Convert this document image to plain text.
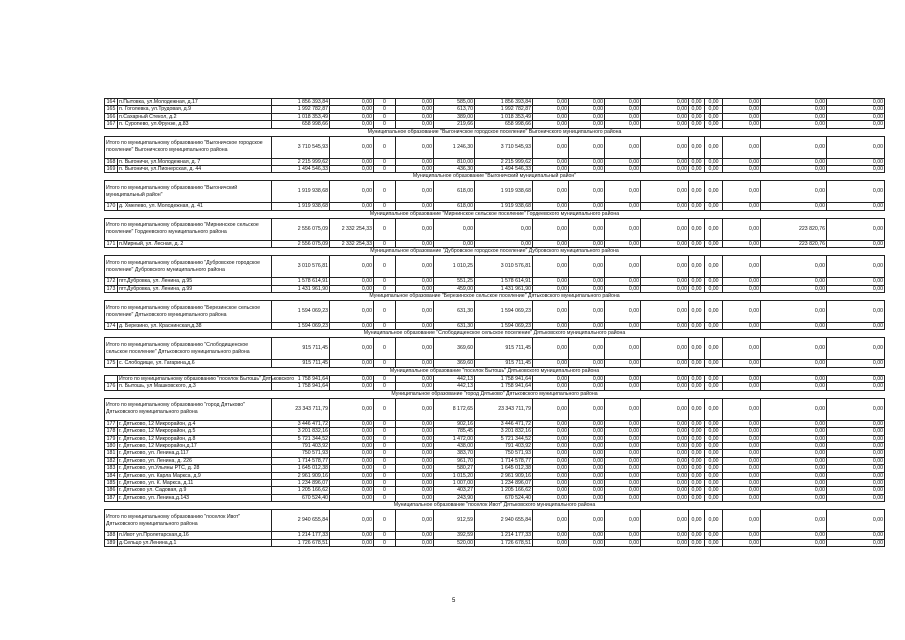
164	п.Пытовка, ул.Молодежная, д.17	1 856 393,84	0,00	0	0,00	585,00	1 856 393,84	0,00	0,00	0,00	0,00	0,00	0,00	0,00	0,00	0,00
165	п. Гоголевка, ул.Трудовая, д.9	1 992 782,87	0,00	0	0,00	613,70	1 992 782,87	0,00	0,00	0,00	0,00	0,00	0,00	0,00	0,00	0,00
166	п.Сахарный Стекол, д.2	1 018 353,49	0,00	0	0,00	389,00	1 018 353,49	0,00	0,00	0,00	0,00	0,00	0,00	0,00	0,00	0,00
167	п. Суponево, ул.Фрунзе, д.83	658 998,66	0,00	0	0,00	219,66	658 998,66	0,00	0,00	0,00	0,00	0,00	0,00	0,00	0,00	0,00
Муниципальное образование "Выгоничское городское поселение" Выгоничского муниципального района																
Итого по муниципальному образованию "Выгоничское городское поселение" Выгоничского муниципального района		3 710 545,93	0,00	0	0,00	1 246,30	3 710 545,93	0,00	0,00	0,00	0,00	0,00	0,00	0,00	0,00	0,00
168	п. Выгоничи, ул.Молодежная, д. 7	2 215 999,62	0,00	0	0,00	810,00	2 215 999,62	0,00	0,00	0,00	0,00	0,00	0,00	0,00	0,00	0,00
169	п. Выгоничи, ул.Пионерская, д. 44	1 494 546,33	0,00	0	0,00	436,30	1 494 546,33	0,00	0,00	0,00	0,00	0,00	0,00	0,00	0,00	0,00
Муниципальное образование "Выгоничский муниципальный район"																
Итого по муниципальному образованию "Выгоничский муниципальный район"		1 919 938,68	0,00	0	0,00	618,00	1 919 938,68	0,00	0,00	0,00	0,00	0,00	0,00	0,00	0,00	0,00
170	д. Хмелево, ул. Молодежная, д. 41	1 919 938,68	0,00	0	0,00	618,00	1 919 938,68	0,00	0,00	0,00	0,00	0,00	0,00	0,00	0,00	0,00
Муниципальное образование "Мирнинское сельское поселение" Гордеевского муниципального района																
Итого по муниципальному образованию "Мирнинское сельское поселение" Гордеевского муниципального района		2 556 075,09	2 332 254,33	0	0,00	0,00	0,00	0,00	0,00	0,00	0,00	0,00	0,00	0,00	223 820,76	0,00
171	п.Мирный, ул. Лесная, д. 2	2 556 075,09	2 332 254,33	0	0,00	0,00	0,00	0,00	0,00	0,00	0,00	0,00	0,00	0,00	223 820,76	0,00
Муниципальное образование "Дубровское городское поселение" Дубровского муниципального района																
Итого по муниципальному образованию "Дубровское городское поселение" Дубровского муниципального района		3 010 576,81	0,00	0	0,00	1 010,25	3 010 576,81	0,00	0,00	0,00	0,00	0,00	0,00	0,00	0,00	0,00
172	пгт.Дубровка, ул. Ленина, д.95	1 578 614,91	0,00	0	0,00	551,25	1 578 614,91	0,00	0,00	0,00	0,00	0,00	0,00	0,00	0,00	0,00
173	пгт.Дубровка, ул. Ленина, д.99	1 431 961,90	0,00	0	0,00	459,00	1 431 961,90	0,00	0,00	0,00	0,00	0,00	0,00	0,00	0,00	0,00
Муниципальное образование "Березинское сельское поселение" Дятьковского муниципального района																
Итого по муниципальному образованию "Березинское сельское поселение" Дятьковского муниципального района		1 594 069,23	0,00	0	0,00	631,30	1 594 069,23	0,00	0,00	0,00	0,00	0,00	0,00	0,00	0,00	0,00
174	д. Березино, ул. Краснинская,д.38	1 594 069,23	0,00	0	0,00	631,30	1 594 069,23	0,00	0,00	0,00	0,00	0,00	0,00	0,00	0,00	0,00
Муниципальное образование "Слободищенское сельское поселение" Дятьковского муниципального района																
Итого по муниципальному образованию "Слободищенское сельское поселение" Дятьковского муниципального района		915 711,45	0,00	0	0,00	369,60	915 711,45	0,00	0,00	0,00	0,00	0,00	0,00	0,00	0,00	0,00
175	с. Слободище, ул. Гагарина,д.6	915 711,45	0,00	0	0,00	369,60	915 711,45	0,00	0,00	0,00	0,00	0,00	0,00	0,00	0,00	0,00
Муниципальное образование "поселок Бытошь" Дятьковского муниципального района																
	Итого по муниципальному образованию "поселок Бытошь" Дятьковского	1 758 941,64	0,00	0	0,00	442,13	1 758 941,64	0,00	0,00	0,00	0,00	0,00	0,00	0,00	0,00	0,00
176	п. Бытошь, ул Машковского, д.3	1 758 941,64	0,00	0	0,00	442,13	1 758 941,64	0,00	0,00	0,00	0,00	0,00	0,00	0,00	0,00	0,00
Муниципальное образование "город Дятьково" Дятьковского муниципального района																
Итого по муниципальному образованию "город Дятьково" Дятьковского муниципального района		23 343 711,79	0,00	0	0,00	8 172,65	23 343 711,79	0,00	0,00	0,00	0,00	0,00	0,00	0,00	0,00	0,00
177	г. Дятьково, 12 Микрорайон, д.4	3 446 471,72	0,00	0	0,00	902,16	3 446 471,72	0,00	0,00	0,00	0,00	0,00	0,00	0,00	0,00	0,00
178	г. Дятьково, 12 Микрорайон, д.5	3 201 832,16	0,00	0	0,00	785,45	3 201 832,16	0,00	0,00	0,00	0,00	0,00	0,00	0,00	0,00	0,00
179	г. Дятьково, 12 Микрорайон, д.8	5 721 344,52	0,00	0	0,00	1 472,00	5 721 344,52	0,00	0,00	0,00	0,00	0,00	0,00	0,00	0,00	0,00
180	г. Дятьково, 12 Микрорайон,д.17	791 403,92	0,00	0	0,00	438,00	791 403,92	0,00	0,00	0,00	0,00	0,00	0,00	0,00	0,00	0,00
181	г. Дятьково, ул. Ленина,д.117	750 571,93	0,00	0	0,00	383,70	750 571,93	0,00	0,00	0,00	0,00	0,00	0,00	0,00	0,00	0,00
182	г. Дятьково, ул. Ленина, д. 226	1 714 578,77	0,00	0	0,00	961,70	1 714 578,77	0,00	0,00	0,00	0,00	0,00	0,00	0,00	0,00	0,00
183	г. Дятьково, ул.Ульяны РТС, д. 28	1 645 012,38	0,00	0	0,00	580,27	1 645 012,38	0,00	0,00	0,00	0,00	0,00	0,00	0,00	0,00	0,00
184	г. Дятьково, ул. Карла Маркса, д.9	2 961 909,16	0,00	0	0,00	1 015,20	2 961 909,16	0,00	0,00	0,00	0,00	0,00	0,00	0,00	0,00	0,00
185	г. Дятьково, ул. К. Маркса, д.11	1 234 896,07	0,00	0	0,00	1 007,00	1 234 896,07	0,00	0,00	0,00	0,00	0,00	0,00	0,00	0,00	0,00
186	г. Дятьково ул. Садовая, д.9	1 205 166,62	0,00	0	0,00	403,27	1 205 166,62	0,00	0,00	0,00	0,00	0,00	0,00	0,00	0,00	0,00
187	г. Дятьково, ул. Ленина,д.143	670 524,40	0,00	0	0,00	243,90	670 524,40	0,00	0,00	0,00	0,00	0,00	0,00	0,00	0,00	0,00
Муниципальное образование "поселок Ивот" Дятьковского муниципального района																
Итого по муниципальному образованию "поселок Ивот" Дятьковского муниципального района		2 940 655,84	0,00	0	0,00	912,59	2 940 655,84	0,00	0,00	0,00	0,00	0,00	0,00	0,00	0,00	0,00
188	п.Ивот ул.Пролетарская,д.16	1 214 177,33	0,00	0	0,00	392,59	1 214 177,33	0,00	0,00	0,00	0,00	0,00	0,00	0,00	0,00	0,00
189	д.Сельцо ул.Ленина,д.1	1 726 678,51	0,00	0	0,00	520,00	1 726 678,51	0,00	0,00	0,00	0,00	0,00	0,00	0,00	0,00	0,00
5
